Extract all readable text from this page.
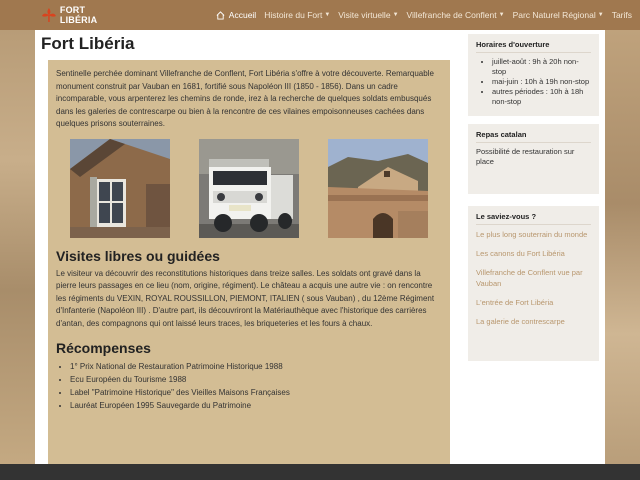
FORT LIBÉRIA	Accueil Histoire du Fort ▼ Visite virtuelle ▼ Villefranche de Conflent ▼ Parc Naturel Régional ▼ Tarifs
Fort Libéria

Sentinelle perchée dominant Villefranche de Conflent, Fort Libéria s'offre à votre découverte. Remarquable monument construit par Vauban en 1681, fortifié sous Napoléon III (1850 - 1856). Dans un cadre incomparable, vous arpenterez les chemins de ronde, irez à la recherche de quelques soldats embusqués dans les galeries de contrescarpe ou bien à la rencontre de ces vilaines empoisonneuses cachées dans quelques prisons souterraines.

Visites libres ou guidées

Le visiteur va découvrir des reconstitutions historiques dans treize salles. Les soldats ont gravé dans la pierre leurs passages en ce lieu (nom, origine, régiment). Le château a acquis une autre vie : on rencontre les régiments du VEXIN, ROYAL ROUSSILLON, PIEMONT, ITALIEN ( sous Vauban) , du 12ème Régiment d'Infanterie (Napoléon III) . D'autre part, ils découvriront la Matériauthèque avec l'historique des carrières d'antan, des compagnons qui ont laissé leurs traces, les briqueteries et les fours à chaux.

Récompenses
• 1° Prix National de Restauration Patrimoine Historique 1988
• Ecu Européen du Tourisme 1988
• Label "Patrimoine Historique" des Vieilles Maisons Françaises
• Lauréat Européen 1995 Sauvegarde du Patrimoine
Horaires d'ouverture
• juillet-août : 9h à 20h non-stop
• mai-juin : 10h à 19h non-stop
• autres périodes : 10h à 18h non-stop
Repas catalan
Possibilité de restauration sur place
Le saviez-vous ?
Le plus long souterrain du monde
Les canons du Fort Libéria
Villefranche de Conflent vue par Vauban
L'entrée de Fort Libéria
La galerie de contrescarpe
